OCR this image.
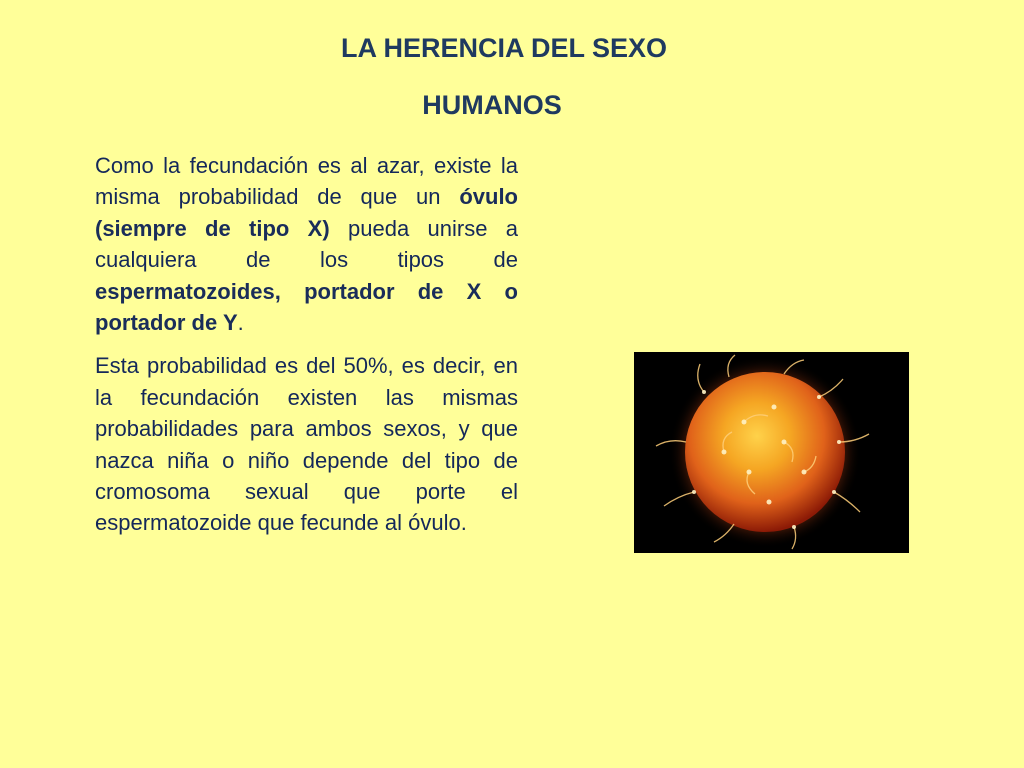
LA HERENCIA DEL SEXO
HUMANOS

Como la fecundación es al azar, existe la misma probabilidad de que un óvulo (siempre de tipo X) pueda unirse a cualquiera de los tipos de espermatozoides, portador de X o portador de Y.

Esta probabilidad es del 50%, es decir, en la fecundación existen las mismas probabilidades para ambos sexos, y que nazca niña o niño depende del tipo de cromosoma sexual que porte el espermatozoide que fecunde al óvulo.
